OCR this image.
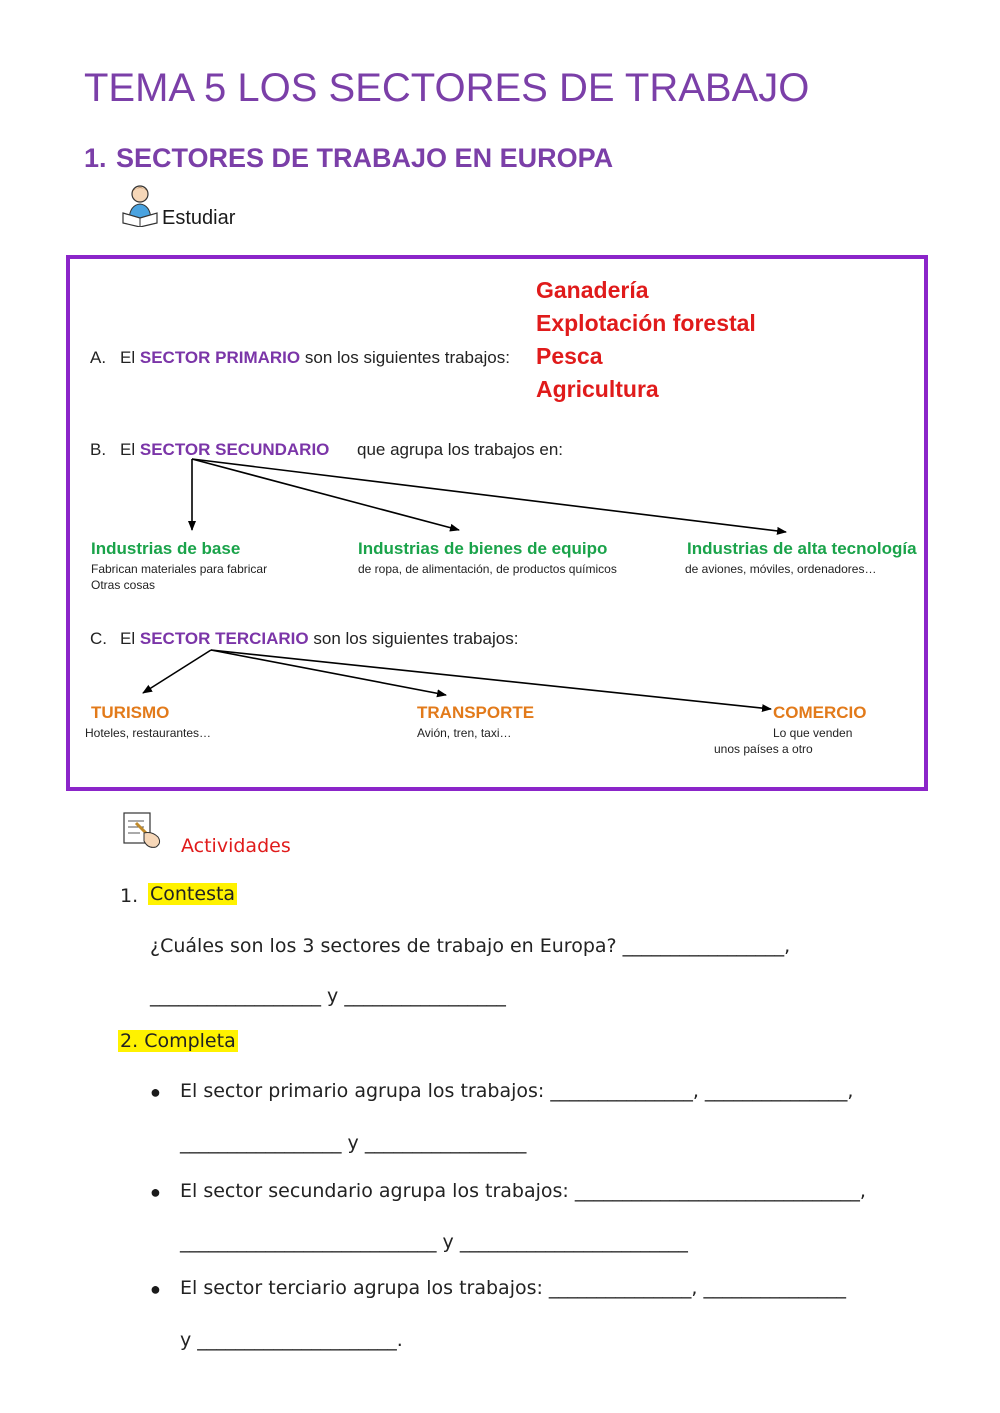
TEMA 5 LOS SECTORES DE TRABAJO
1. SECTORES DE TRABAJO EN EUROPA
Estudiar
A. El SECTOR PRIMARIO son los siguientes trabajos:
Ganadería
Explotación forestal
Pesca
Agricultura
B. El SECTOR SECUNDARIO que agrupa los trabajos en:
Industrias de base
Fabrican materiales para fabricar
Otras cosas
Industrias de bienes de equipo
de ropa, de alimentación, de productos químicos
Industrias de alta tecnología
de aviones, móviles, ordenadores…
C. El SECTOR TERCIARIO son los siguientes trabajos:
TURISMO
Hoteles, restaurantes…
TRANSPORTE
Avión, tren, taxi…
COMERCIO
Lo que venden
unos países a otro
Actividades
1. Contesta
¿Cuáles son los 3 sectores de trabajo en Europa? _________________,
__________________ y _________________
2. Completa
● El sector primario agrupa los trabajos: _______________, _______________,
_________________ y _________________
● El sector secundario agrupa los trabajos: ______________________________,
___________________________ y ________________________
● El sector terciario agrupa los trabajos: _______________, _______________
y _____________________.
